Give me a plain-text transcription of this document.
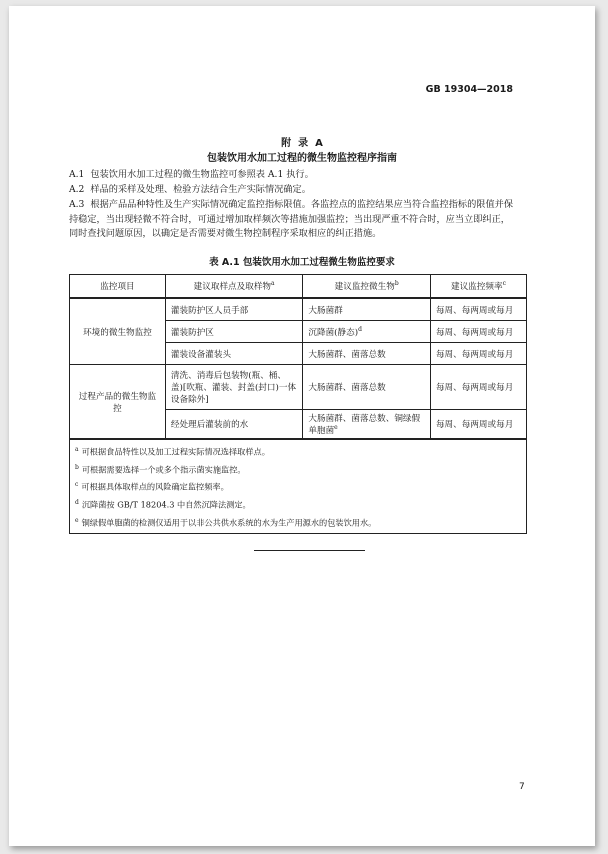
GB 19304—2018
附  录  A
包装饮用水加工过程的微生物监控程序指南
A.1 包装饮用水加工过程的微生物监控可参照表 A.1 执行。
A.2 样品的采样及处理、检验方法结合生产实际情况确定。
A.3 根据产品品种特性及生产实际情况确定监控指标限值。各监控点的监控结果应当符合监控指标的限值并保持稳定，当出现轻微不符合时，可通过增加取样频次等措施加强监控；当出现严重不符合时，应当立即纠正，同时查找问题原因，以确定是否需要对微生物控制程序采取相应的纠正措施。
表 A.1 包装饮用水加工过程微生物监控要求
监控项目	建议取样点及取样物$^a$	建议监控微生物$^b$	建议监控频率$^c$
环境的微生物监控	灌装防护区人员手部	大肠菌群	每周、每两周或每月
	灌装防护区	沉降菌(静态)$^d$	每周、每两周或每月
	灌装设备灌装头	大肠菌群、菌落总数	每周、每两周或每月
过程产品的微生物监控	清洗、消毒后包装物(瓶、桶、盖)[吹瓶、灌装、封盖(封口)一体设备除外]	大肠菌群、菌落总数	每周、每两周或每月
	经处理后灌装前的水	大肠菌群、菌落总数、铜绿假单胞菌$^e$	每周、每两周或每月

$^a$ 可根据食品特性以及加工过程实际情况选择取样点。
$^b$ 可根据需要选择一个或多个指示菌实施监控。
$^c$ 可根据具体取样点的风险确定监控频率。
$^d$ 沉降菌按 GB/T 18204.3 中自然沉降法测定。
$^e$ 铜绿假单胞菌的检测仅适用于以非公共供水系统的水为生产用源水的包装饮用水。			
7
